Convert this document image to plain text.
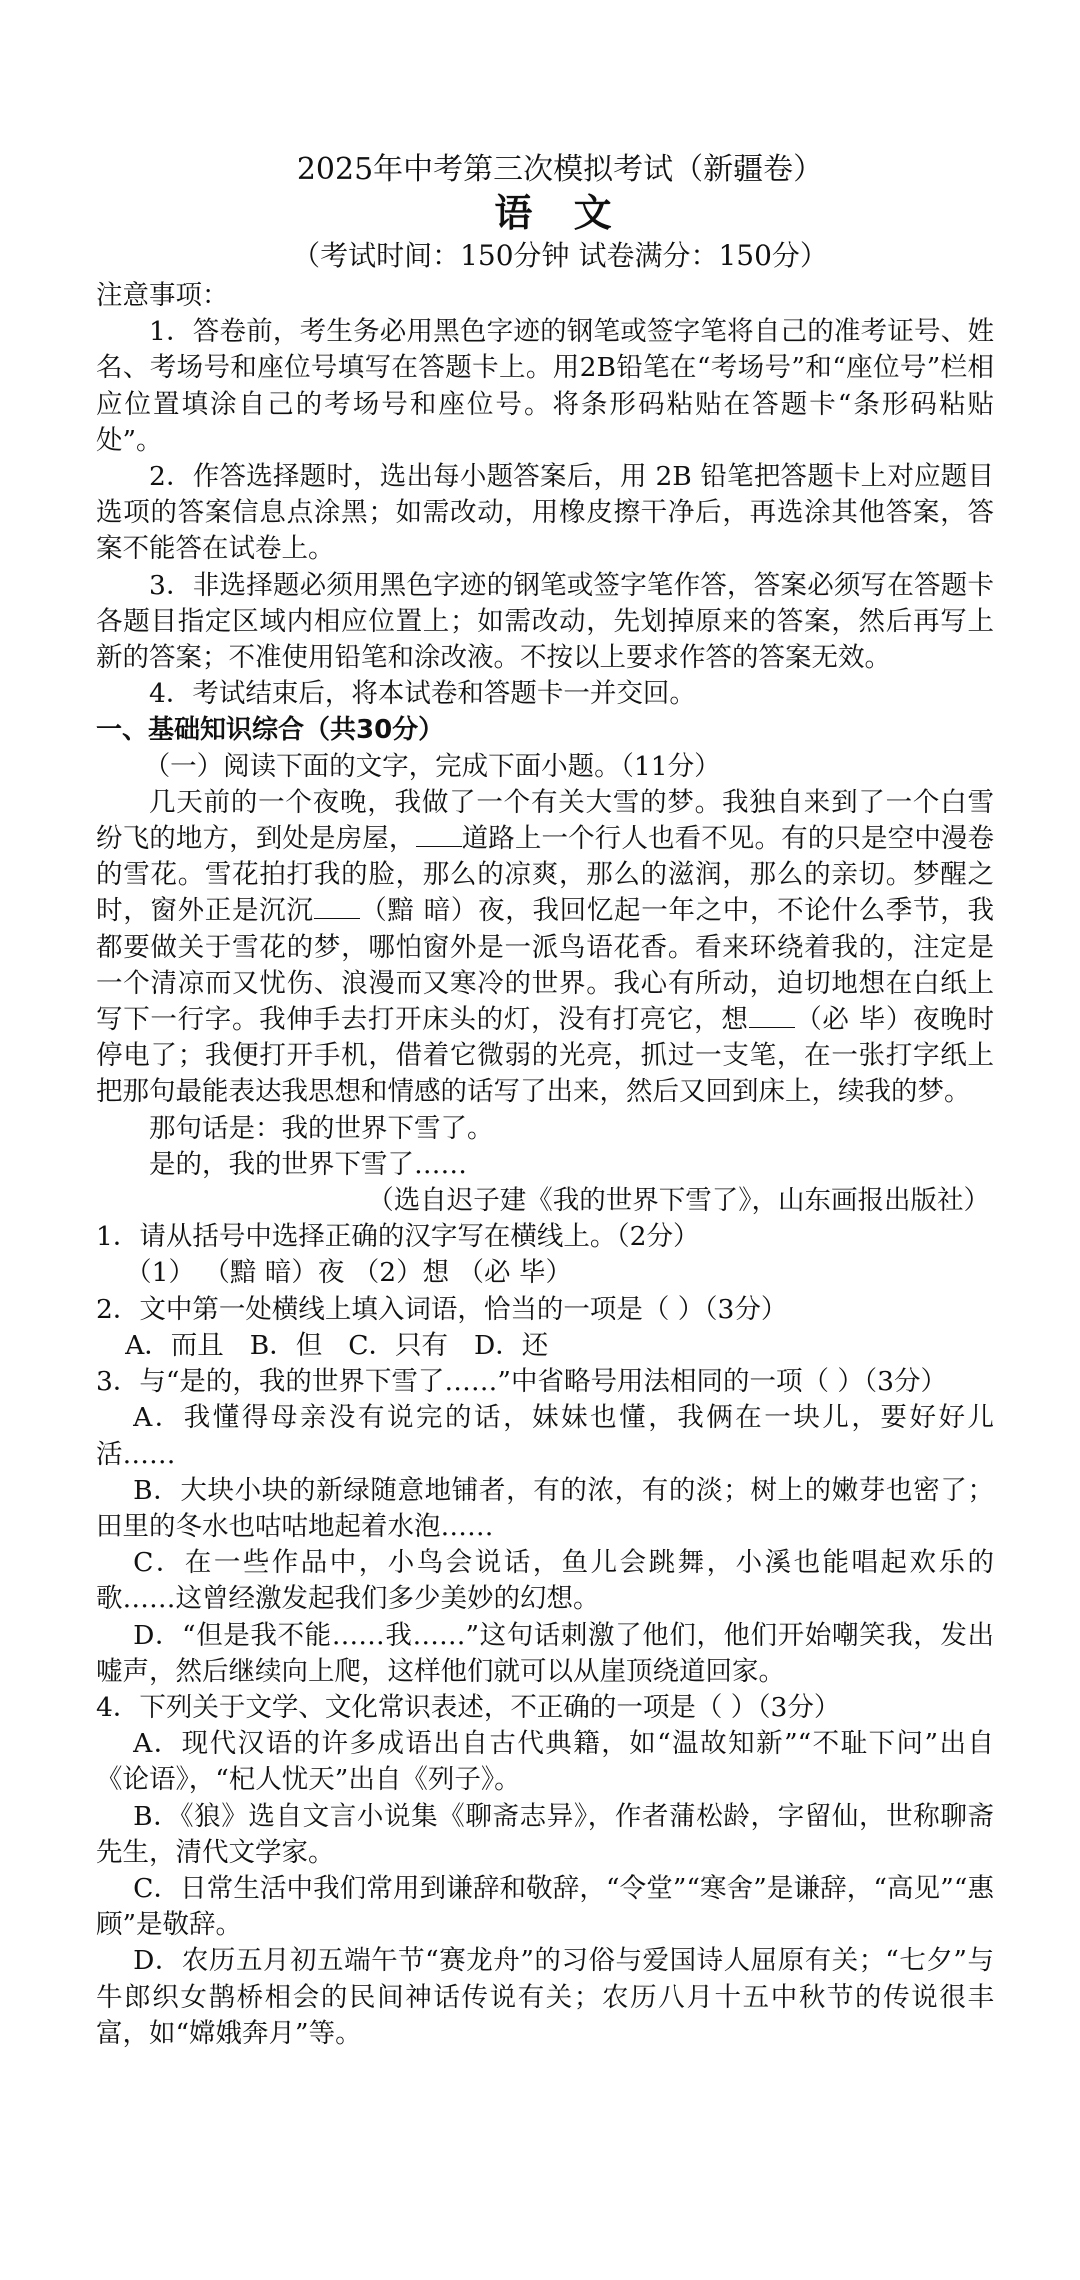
2025年中考第三次模拟考试（新疆卷）
语 文
（考试时间：150分钟 试卷满分：150分）

注意事项：

1．答卷前，考生务必用黑色字迹的钢笔或签字笔将自己的准考证号、姓名、考场号和座位号填写在答题卡上。用2B铅笔在“考场号”和“座位号”栏相应位置填涂自己的考场号和座位号。将条形码粘贴在答题卡“条形码粘贴处”。

2．作答选择题时，选出每小题答案后，用 2B 铅笔把答题卡上对应题目选项的答案信息点涂黑；如需改动，用橡皮擦干净后，再选涂其他答案，答案不能答在试卷上。

3．非选择题必须用黑色字迹的钢笔或签字笔作答，答案必须写在答题卡各题目指定区域内相应位置上；如需改动，先划掉原来的答案，然后再写上新的答案；不准使用铅笔和涂改液。不按以上要求作答的答案无效。

4．考试结束后，将本试卷和答题卡一并交回。

一、基础知识综合（共30分）

（一）阅读下面的文字，完成下面小题。（11分）

几天前的一个夜晚，我做了一个有关大雪的梦。我独自来到了一个白雪纷飞的地方，到处是房屋， 道路上一个行人也看不见。有的只是空中漫卷的雪花。雪花拍打我的脸，那么的凉爽，那么的滋润，那么的亲切。梦醒之时，窗外正是沉沉 （黯 暗）夜，我回忆起一年之中，不论什么季节，我都要做关于雪花的梦，哪怕窗外是一派鸟语花香。看来环绕着我的，注定是一个清凉而又忧伤、浪漫而又寒冷的世界。我心有所动，迫切地想在白纸上写下一行字。我伸手去打开床头的灯，没有打亮它，想 （必 毕）夜晚时停电了；我便打开手机，借着它微弱的光亮，抓过一支笔，在一张打字纸上把那句最能表达我思想和情感的话写了出来，然后又回到床上，续我的梦。

那句话是：我的世界下雪了。

是的，我的世界下雪了……

（选自迟子建《我的世界下雪了》，山东画报出版社）

1．请从括号中选择正确的汉字写在横线上。（2分）

（1） （黯 暗）夜 （2）想 （必 毕）

2．文中第一处横线上填入词语，恰当的一项是（ ）（3分）

A．而且 B．但 C．只有 D．还

3．与“是的，我的世界下雪了……”中省略号用法相同的一项（ ）（3分）

A．我懂得母亲没有说完的话，妹妹也懂，我俩在一块儿，要好好儿活……

B．大块小块的新绿随意地铺者，有的浓，有的淡；树上的嫩芽也密了；田里的冬水也咕咕地起着水泡……

C．在一些作品中，小鸟会说话，鱼儿会跳舞，小溪也能唱起欢乐的歌……这曾经激发起我们多少美妙的幻想。

D．“但是我不能……我……”这句话刺激了他们，他们开始嘲笑我，发出嘘声，然后继续向上爬，这样他们就可以从崖顶绕道回家。

4．下列关于文学、文化常识表述，不正确的一项是（ ）（3分）

A．现代汉语的许多成语出自古代典籍，如“温故知新”“不耻下问”出自《论语》，“杞人忧天”出自《列子》。

B．《狼》选自文言小说集《聊斋志异》，作者蒲松龄，字留仙，世称聊斋先生，清代文学家。

C．日常生活中我们常用到谦辞和敬辞，“令堂”“寒舍”是谦辞，“高见”“惠顾”是敬辞。

D．农历五月初五端午节“赛龙舟”的习俗与爱国诗人屈原有关；“七夕”与牛郎织女鹊桥相会的民间神话传说有关；农历八月十五中秋节的传说很丰富，如“嫦娥奔月”等。
